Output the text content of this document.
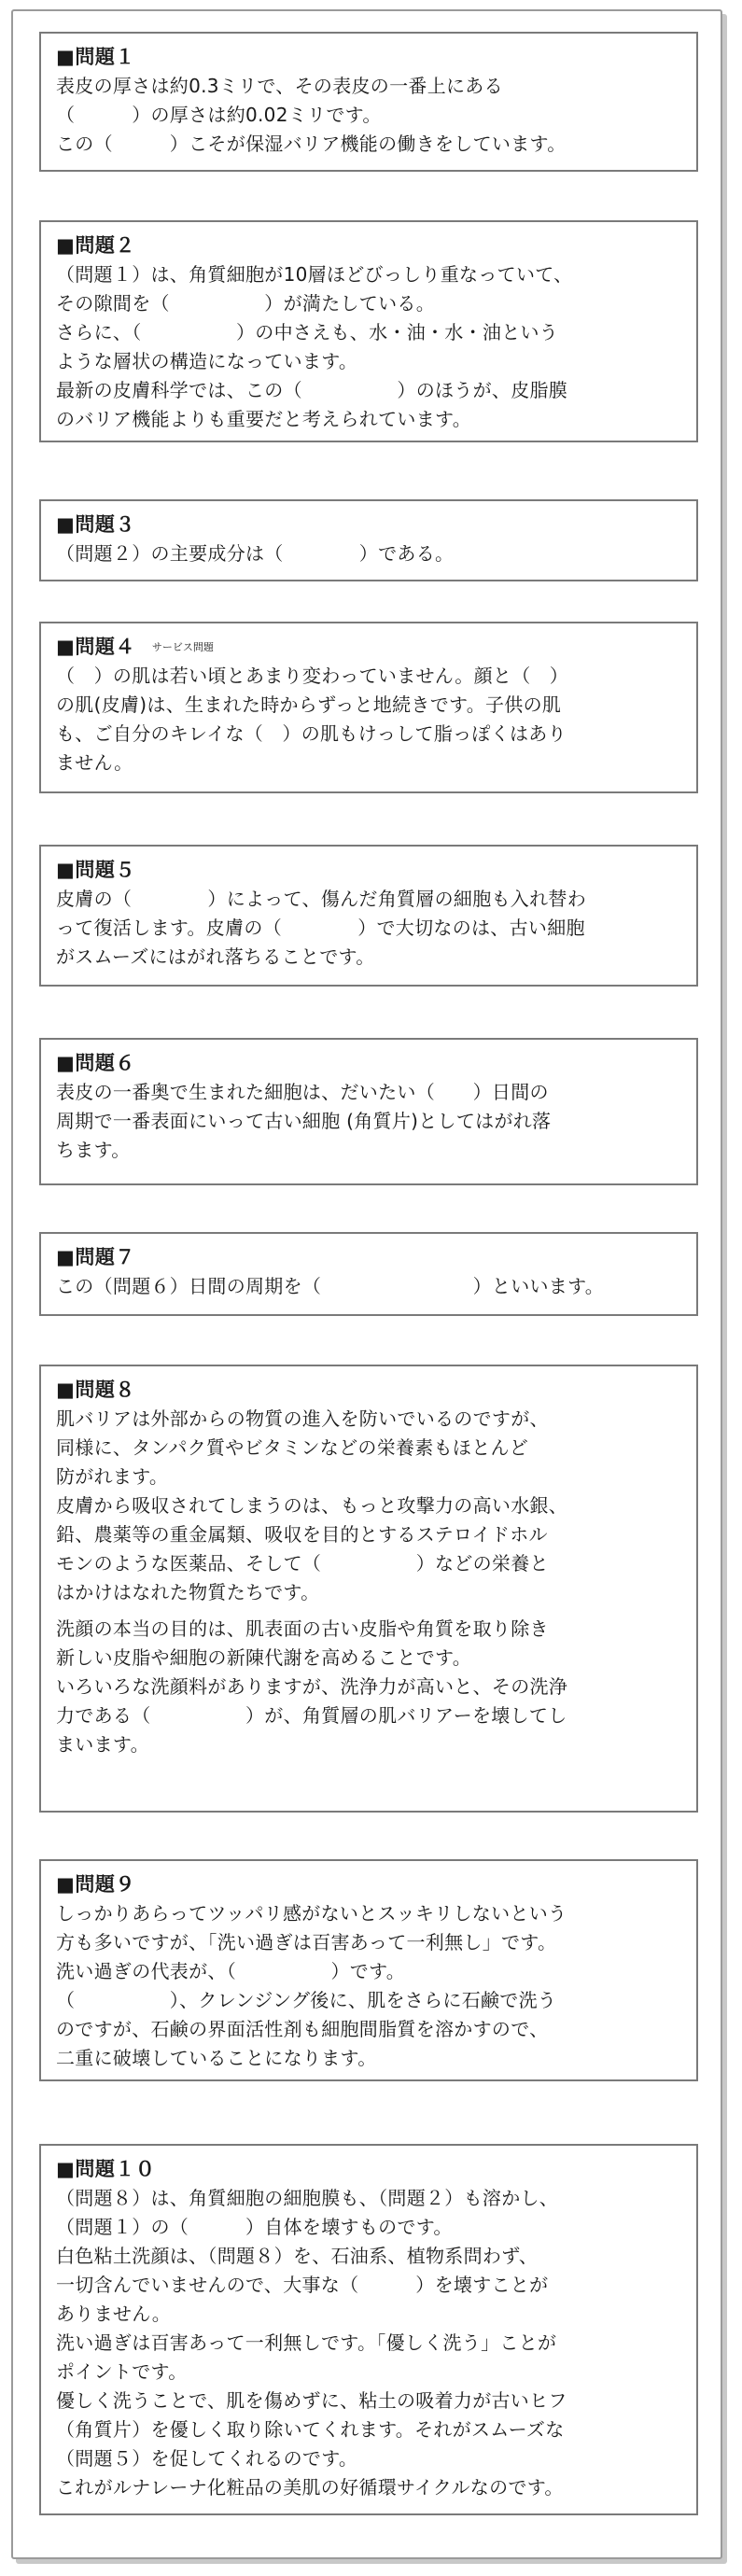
■問題１
表皮の厚さは約0.3ミリで、その表皮の一番上にある
（　　　）の厚さは約0.02ミリです。
この（　　　）こそが保湿バリア機能の働きをしています。
■問題２
（問題１）は、角質細胞が10層ほどびっしり重なっていて、
その隙間を（　　　　　）が満たしている。
さらに、（　　　　　）の中さえも、水・油・水・油という
ような層状の構造になっています。
最新の皮膚科学では、この（　　　　　）のほうが、皮脂膜
のバリア機能よりも重要だと考えられています。
■問題３
（問題２）の主要成分は（　　　　）である。
■問題４ サービス問題
（　）の肌は若い頃とあまり変わっていません。顔と（　）
の肌(皮膚)は、生まれた時からずっと地続きです。子供の肌
も、ご自分のキレイな（　）の肌もけっして脂っぽくはあり
ません。
■問題５
皮膚の（　　　　）によって、傷んだ角質層の細胞も入れ替わ
って復活します。皮膚の（　　　　）で大切なのは、古い細胞
がスムーズにはがれ落ちることです。
■問題６
表皮の一番奥で生まれた細胞は、だいたい（　　）日間の
周期で一番表面にいって古い細胞 (角質片)としてはがれ落
ちます。
■問題７
この（問題６）日間の周期を（　　　　　　　　）といいます。
■問題８
肌バリアは外部からの物質の進入を防いでいるのですが、
同様に、タンパク質やビタミンなどの栄養素もほとんど
防がれます。
皮膚から吸収されてしまうのは、もっと攻撃力の高い水銀、
鉛、農薬等の重金属類、吸収を目的とするステロイドホル
モンのような医薬品、そして（　　　　　）などの栄養と
はかけはなれた物質たちです。
洗顔の本当の目的は、肌表面の古い皮脂や角質を取り除き
新しい皮脂や細胞の新陳代謝を高めることです。
いろいろな洗顔料がありますが、洗浄力が高いと、その洗浄
力である（　　　　　）が、角質層の肌バリアーを壊してし
まいます。
■問題９
しっかりあらってツッパリ感がないとスッキリしないという
方も多いですが、「洗い過ぎは百害あって一利無し」です。
洗い過ぎの代表が、（　　　　　）です。
（　　　　　）、クレンジング後に、肌をさらに石鹸で洗う
のですが、石鹸の界面活性剤も細胞間脂質を溶かすので、
二重に破壊していることになります。
■問題１０
（問題８）は、角質細胞の細胞膜も、（問題２）も溶かし、
（問題１）の（　　　）自体を壊すものです。
白色粘土洗顔は、（問題８）を、石油系、植物系問わず、
一切含んでいませんので、大事な（　　　）を壊すことが
ありません。
洗い過ぎは百害あって一利無しです。「優しく洗う」ことが
ポイントです。
優しく洗うことで、肌を傷めずに、粘土の吸着力が古いヒフ
（角質片）を優しく取り除いてくれます。それがスムーズな
（問題５）を促してくれるのです。
これがルナレーナ化粧品の美肌の好循環サイクルなのです。
